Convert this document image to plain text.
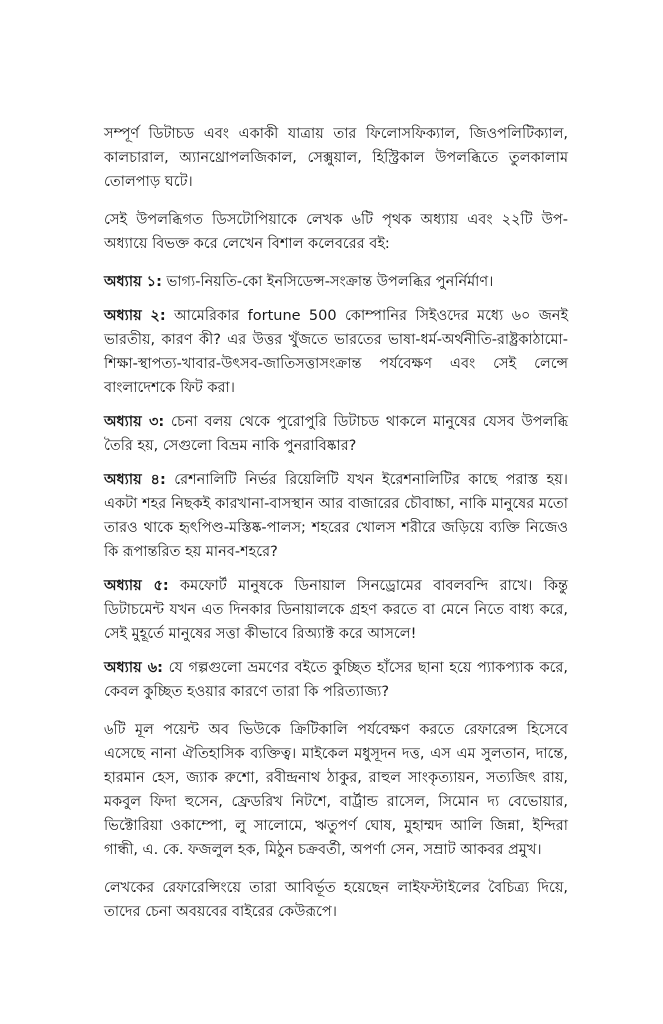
সম্পূর্ণ ডিটাচড এবং একাকী যাত্রায় তার ফিলোসফিক্যাল, জিওপলিটিক্যাল, কালচারাল, অ্যানথ্রোপলজিকাল, সেক্সুয়াল, হিস্ট্রিকাল উপলব্ধিতে তুলকালাম তোলপাড় ঘটে।

সেই উপলব্ধিগত ডিসটোপিয়াকে লেখক ৬টি পৃথক অধ্যায় এবং ২২টি উপ-অধ্যায়ে বিভক্ত করে লেখেন বিশাল কলেবরের বই:

অধ্যায় ১: ভাগ্য-নিয়তি-কো ইনসিডেন্স-সংক্রান্ত উপলব্ধির পুনর্নির্মাণ।

অধ্যায় ২: আমেরিকার fortune 500 কোম্পানির সিইওদের মধ্যে ৬০ জনই ভারতীয়, কারণ কী? এর উত্তর খুঁজতে ভারতের ভাষা-ধর্ম-অর্থনীতি-রাষ্ট্রকাঠামো-শিক্ষা-স্থাপত্য-খাবার-উৎসব-জাতিসত্তাসংক্রান্ত পর্যবেক্ষণ এবং সেই লেন্সে বাংলাদেশকে ফিট করা।

অধ্যায় ৩: চেনা বলয় থেকে পুরোপুরি ডিটাচড থাকলে মানুষের যেসব উপলব্ধি তৈরি হয়, সেগুলো বিভ্রম নাকি পুনরাবিষ্কার?

অধ্যায় ৪: রেশনালিটি নির্ভর রিয়েলিটি যখন ইরেশনালিটির কাছে পরাস্ত হয়। একটা শহর নিছকই কারখানা-বাসস্থান আর বাজারের চৌবাচ্চা, নাকি মানুষের মতো তারও থাকে হৃৎপিণ্ড-মস্তিষ্ক-পালস; শহরের খোলস শরীরে জড়িয়ে ব্যক্তি নিজেও কি রূপান্তরিত হয় মানব-শহরে?

অধ্যায় ৫: কমফোর্ট মানুষকে ডিনায়াল সিনড্রোমের বাবলবন্দি রাখে। কিন্তু ডিটাচমেন্ট যখন এত দিনকার ডিনায়ালকে গ্রহণ করতে বা মেনে নিতে বাধ্য করে, সেই মুহূর্তে মানুষের সত্তা কীভাবে রিঅ্যাক্ট করে আসলে!

অধ্যায় ৬: যে গল্পগুলো ভ্রমণের বইতে কুচ্ছিত হাঁসের ছানা হয়ে প্যাকপ্যাক করে, কেবল কুচ্ছিত হওয়ার কারণে তারা কি পরিত্যাজ্য?

৬টি মূল পয়েন্ট অব ভিউকে ক্রিটিকালি পর্যবেক্ষণ করতে রেফারেন্স হিসেবে এসেছে নানা ঐতিহাসিক ব্যক্তিত্ব। মাইকেল মধুসূদন দত্ত, এস এম সুলতান, দান্তে, হারমান হেস, জ্যাক রুশো, রবীন্দ্রনাথ ঠাকুর, রাহুল সাংকৃত্যায়ন, সত্যজিৎ রায়, মকবুল ফিদা হুসেন, ফ্রেডরিখ নিটশে, বার্ট্রান্ড রাসেল, সিমোন দ্য বেভোয়ার, ভিক্টোরিয়া ওকাম্পো, লু সালোমে, ঋতুপর্ণ ঘোষ, মুহাম্মদ আলি জিন্না, ইন্দিরা গান্ধী, এ. কে. ফজলুল হক, মিঠুন চক্রবর্তী, অপর্ণা সেন, সম্রাট আকবর প্রমুখ।

লেখকের রেফারেন্সিংয়ে তারা আবির্ভূত হয়েছেন লাইফস্টাইলের বৈচিত্র্য দিয়ে, তাদের চেনা অবয়বের বাইরের কেউরূপে।
